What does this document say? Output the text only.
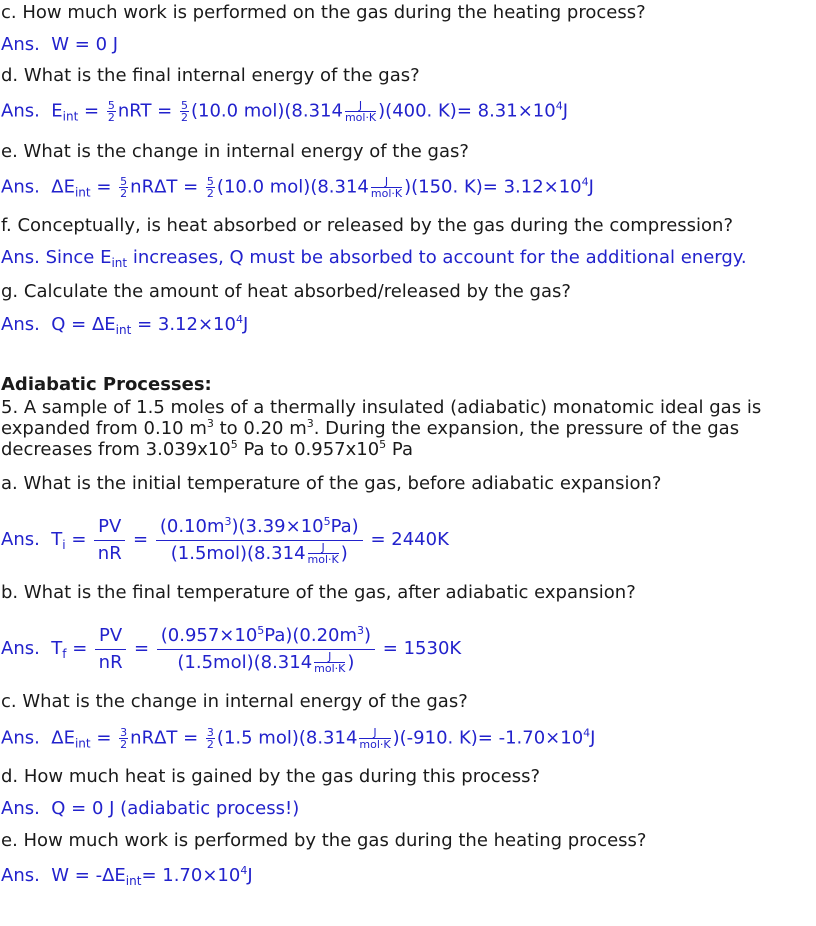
c. How much work is performed on the gas during the heating process?
Ans. W = 0 J
d. What is the final internal energy of the gas?
Ans. $E_{int} = \frac{5}{2}$ nRT = $\frac{5}{2} (10.0$ mol)(8.314	J
mol·K )(400. $K)= 8.31\times 10^4J$
e. What is the change in internal energy of the gas?
Ans. $\Delta E_{int} = \frac{5}{2}$ $nR\Delta T = \frac{5}{2} (10.0$ mol)(8.314	J
mol·K )(150. $K)= 3.12\times 10^4J$
f. Conceptually, is heat absorbed or released by the gas during the compression?
Ans. Since $E_{int}$ increases, Q must be absorbed to account for the additional energy.
g. Calculate the amount of heat absorbed/released by the gas?
Ans. $Q = \Delta E_{int} = 3.12\times 10^4J$
Adiabatic Processes:
5. A sample of 1.5 moles of a thermally insulated (adiabatic) monatomic ideal gas is expanded from 0.10 $m^3$ to 0.20 $m^3$. During the expansion, the pressure of the gas decreases from $3.039x10^5$ Pa to $0.957x10^5$ Pa
a. What is the initial temperature of the gas, before adiabatic expansion?
Ans. $T_i = \frac{PV}{nR}$ =
$(0.10m^3)(3.39\times 10^5Pa)$
(1.5mol)(8.314	J
mol·K )
= 2440K
b. What is the final temperature of the gas, after adiabatic expansion?
Ans. $T_f = \frac{PV}{nR}$ =
$(0.957\times 10^5Pa)(0.20m^3)$
(1.5mol)(8.314	J
mol·K )
= 1530K
c. What is the change in internal energy of the gas?
Ans. $\Delta E_{int} = \frac{3}{2}$ $nR\Delta T = \frac{3}{2} (1.5$ mol)(8.314	J
mol·K )(-910. $K)= -1.70\times 10^4J$
d. How much heat is gained by the gas during this process?
Ans. Q = 0 J (adiabatic process!)
e. How much work is performed by the gas during the heating process?
Ans. $W = -\Delta E_{int}= 1.70\times 10^4J$
